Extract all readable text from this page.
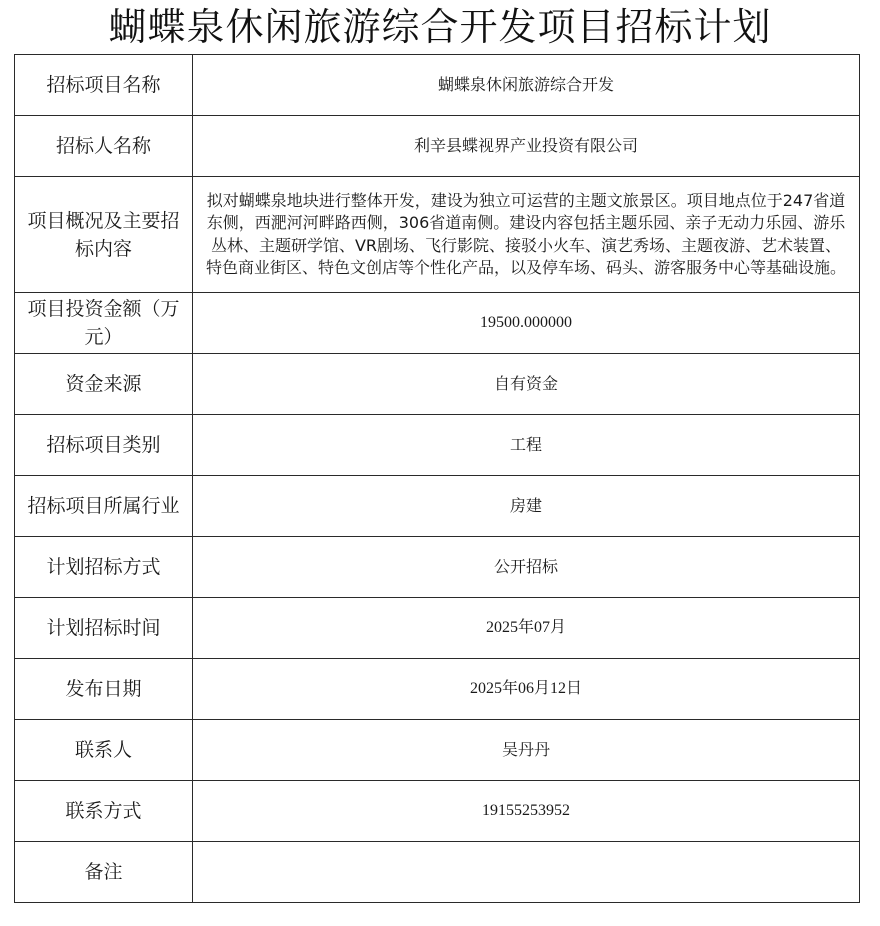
蝴蝶泉休闲旅游综合开发项目招标计划
招标项目名称	蝴蝶泉休闲旅游综合开发
招标人名称	利辛县蝶视界产业投资有限公司
项目概况及主要招标内容	拟对蝴蝶泉地块进行整体开发，建设为独立可运营的主题文旅景区。项目地点位于247省道东侧，西淝河河畔路西侧，306省道南侧。建设内容包括主题乐园、亲子无动力乐园、游乐丛林、主题研学馆、VR剧场、飞行影院、接驳小火车、演艺秀场、主题夜游、艺术装置、特色商业街区、特色文创店等个性化产品，以及停车场、码头、游客服务中心等基础设施。
项目投资金额（万元）	19500.000000
资金来源	自有资金
招标项目类别	工程
招标项目所属行业	房建
计划招标方式	公开招标
计划招标时间	2025年07月
发布日期	2025年06月12日
联系人	吴丹丹
联系方式	19155253952
备注	
